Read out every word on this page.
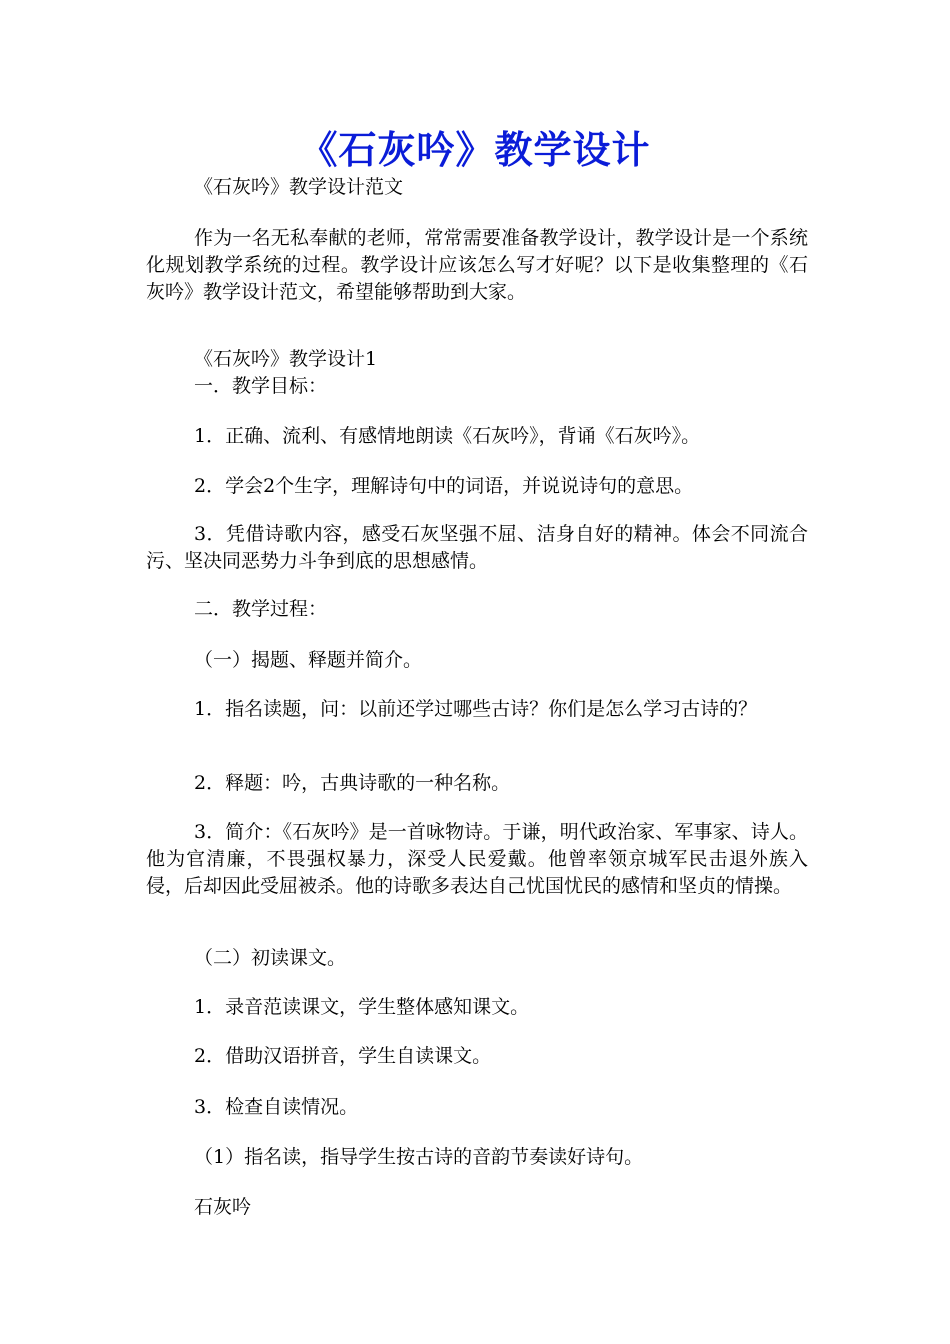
《石灰吟》教学设计
《石灰吟》教学设计范文
作为一名无私奉献的老师，常常需要准备教学设计，教学设计是一个系统化规划教学系统的过程。教学设计应该怎么写才好呢？以下是收集整理的《石灰吟》教学设计范文，希望能够帮助到大家。
《石灰吟》教学设计1
一．教学目标：
1．正确、流利、有感情地朗读《石灰吟》，背诵《石灰吟》。
2．学会2个生字，理解诗句中的词语，并说说诗句的意思。
3．凭借诗歌内容，感受石灰坚强不屈、洁身自好的精神。体会不同流合污、坚决同恶势力斗争到底的思想感情。
二．教学过程：
（一）揭题、释题并简介。
1．指名读题，问：以前还学过哪些古诗？你们是怎么学习古诗的？
2．释题：吟，古典诗歌的一种名称。
3．简介：《石灰吟》是一首咏物诗。于谦，明代政治家、军事家、诗人。他为官清廉，不畏强权暴力，深受人民爱戴。他曾率领京城军民击退外族入侵，后却因此受屈被杀。他的诗歌多表达自己忧国忧民的感情和坚贞的情操。
（二）初读课文。
1．录音范读课文，学生整体感知课文。
2．借助汉语拼音，学生自读课文。
3．检查自读情况。
（1）指名读，指导学生按古诗的音韵节奏读好诗句。
石灰吟
